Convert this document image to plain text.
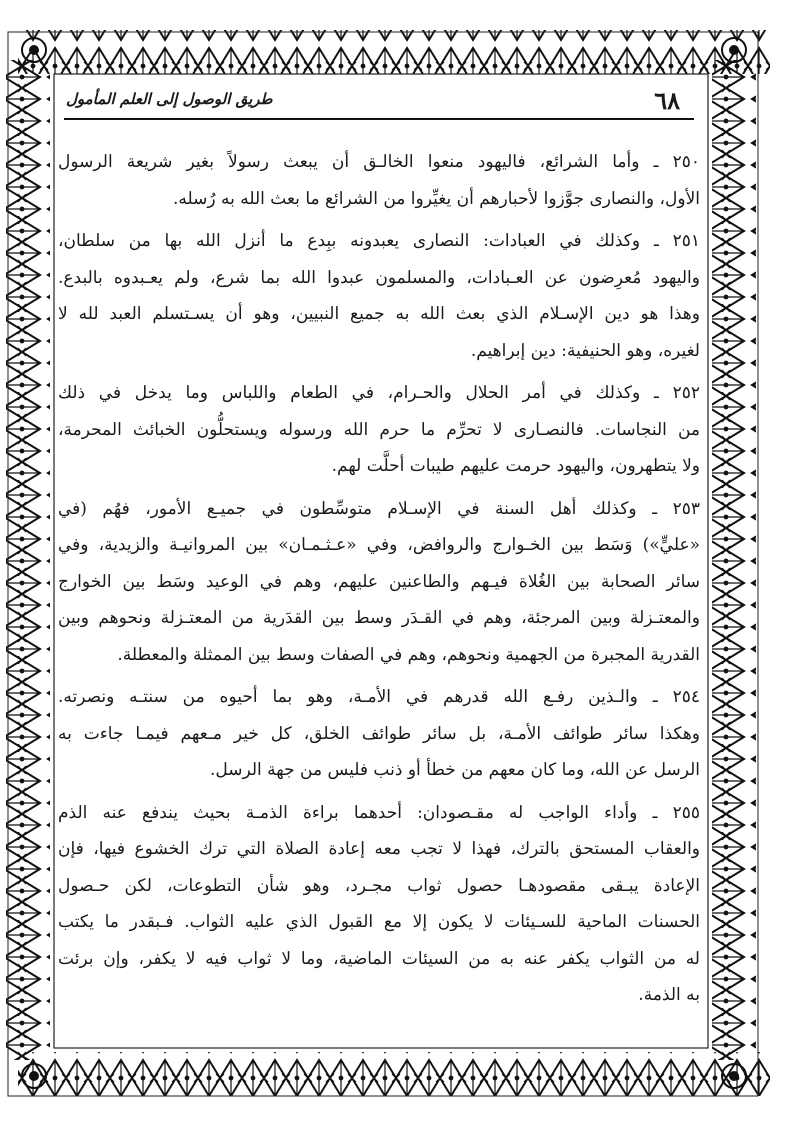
٦٨
طريق الوصول إلى العلم المأمول

٢٥٠ ـ وأما الشرائع، فاليهود منعوا الخالـق أن يبعث رسولاً بغير شريعة الرسول
الأول، والنصارى جوَّزوا لأحبارهم أن يغيِّروا من الشرائع ما بعث الله به رُسله.

٢٥١ ـ وكذلك في العبادات: النصارى يعبدونه ببِدع ما أنزل الله بها من سلطان،
واليهود مُعرِضون عن العـبادات، والمسلمون عبدوا الله بما شرع، ولم يعـبدوه بالبدع.
وهذا هو دين الإسـلام الذي بعث الله به جميع النبيين، وهو أن يسـتسلم العبد لله لا
لغيره، وهو الحنيفية: دين إبراهيم.

٢٥٢ ـ وكذلك في أمر الحلال والحـرام، في الطعام واللباس وما يدخل في ذلك
من النجاسات. فالنصـارى لا تحرِّم ما حرم الله ورسوله ويستحلُّون الخبائث المحرمة،
ولا يتطهرون، واليهود حرمت عليهم طيبات أحلَّت لهم.

٢٥٣ ـ وكذلك أهل السنة في الإسـلام متوسِّطون في جميـع الأمور، فهُم (في
«عليٍّ») وَسَط بين الخـوارج والروافض، وفي «عـثـمـان» بين المروانيـة والزيدية، وفي
سائر الصحابة بين الغُلاة فيـهم والطاعنين عليهم، وهم في الوعيد وسَط بين الخوارج
والمعتـزلة وبين المرجئة، وهم في القـدَر وسط بين القدَرية من المعتـزلة ونحوهم وبين
القدرية المجبرة من الجهمية ونحوهم، وهم في الصفات وسط بين الممثلة والمعطلة.

٢٥٤ ـ والـذين رفـع الله قدرهم في الأمـة، وهو بما أحيوه من سنتـه ونصرته.
وهكذا سائر طوائف الأمـة، بل سائر طوائف الخلق، كل خير مـعهم فيمـا جاءت به
الرسل عن الله، وما كان معهم من خطأ أو ذنب فليس من جهة الرسل.

٢٥٥ ـ وأداء الواجب له مقـصودان: أحدهما براءة الذمـة بحيث يندفع عنه الذم
والعقاب المستحق بالترك، فهذا لا تجب معه إعادة الصلاة التي ترك الخشوع فيها، فإن
الإعادة يبـقى مقصودهـا حصول ثواب مجـرد، وهو شأن التطوعات، لكن حـصول
الحسنات الماحية للسـيئات لا يكون إلا مع القبول الذي عليه الثواب. فـبقدر ما يكتب
له من الثواب يكفر عنه به من السيئات الماضية، وما لا ثواب فيه لا يكفر، وإن برئت
به الذمة.
